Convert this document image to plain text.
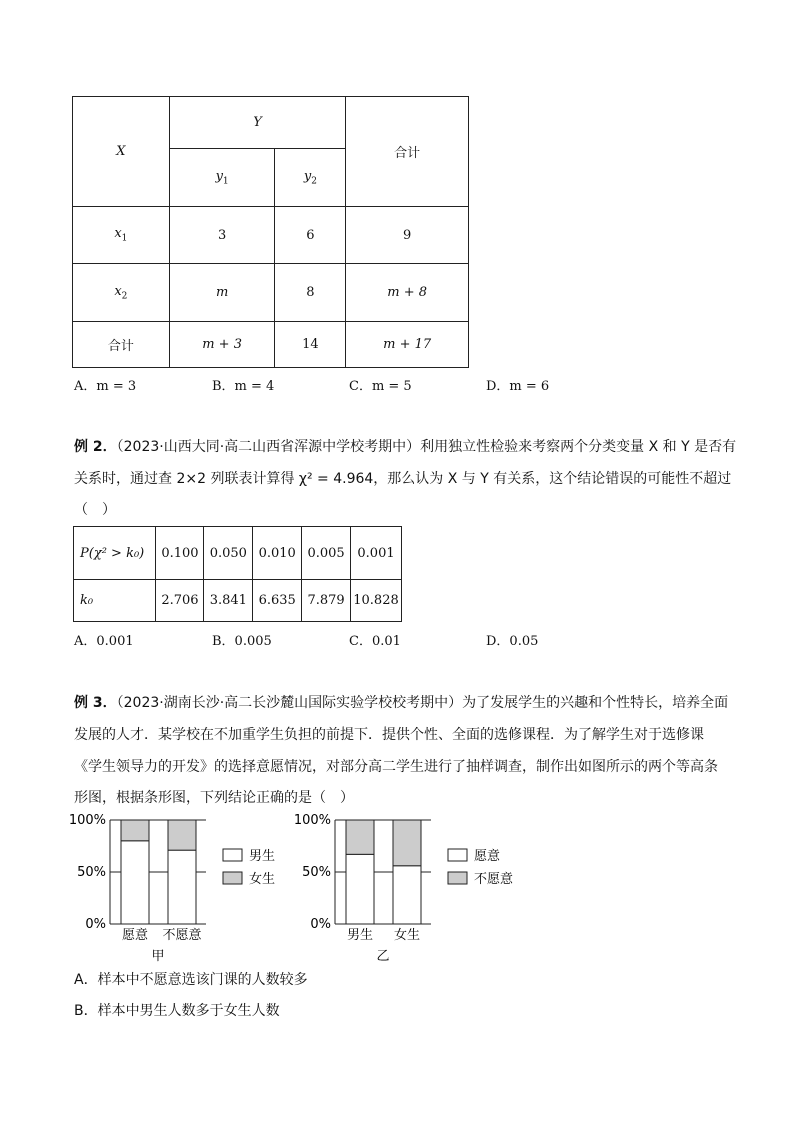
X	Y		合计
	$y_1$	$y_2$
$x_1$	3	6	9
$x_2$	m	8	m + 8
合计	m + 3	14	m + 17
A．m = 3	B．m = 4	C．m = 5	D．m = 6
例 2．（2023·山西大同·高二山西省浑源中学校考期中）利用独立性检验来考察两个分类变量 X 和 Y 是否有
关系时，通过查 2×2 列联表计算得 χ² = 4.964，那么认为 X 与 Y 有关系，这个结论错误的可能性不超过
（　）
P(χ² > k₀)	0.100	0.050	0.010	0.005	0.001
k₀	2.706	3.841	6.635	7.879	10.828
A．0.001	B．0.005	C．0.01	D．0.05
例 3．（2023·湖南长沙·高二长沙麓山国际实验学校校考期中）为了发展学生的兴趣和个性特长，培养全面
发展的人才．某学校在不加重学生负担的前提下．提供个性、全面的选修课程．为了解学生对于选修课
《学生领导力的开发》的选择意愿情况，对部分高二学生进行了抽样调查，制作出如图所示的两个等高条
形图，根据条形图，下列结论正确的是（　）
0%
50%
100%
愿意 不愿意
甲
男生
女生
0%
50%
100%
男生 女生
乙
愿意
不愿意
A．样本中不愿意选该门课的人数较多
B．样本中男生人数多于女生人数
